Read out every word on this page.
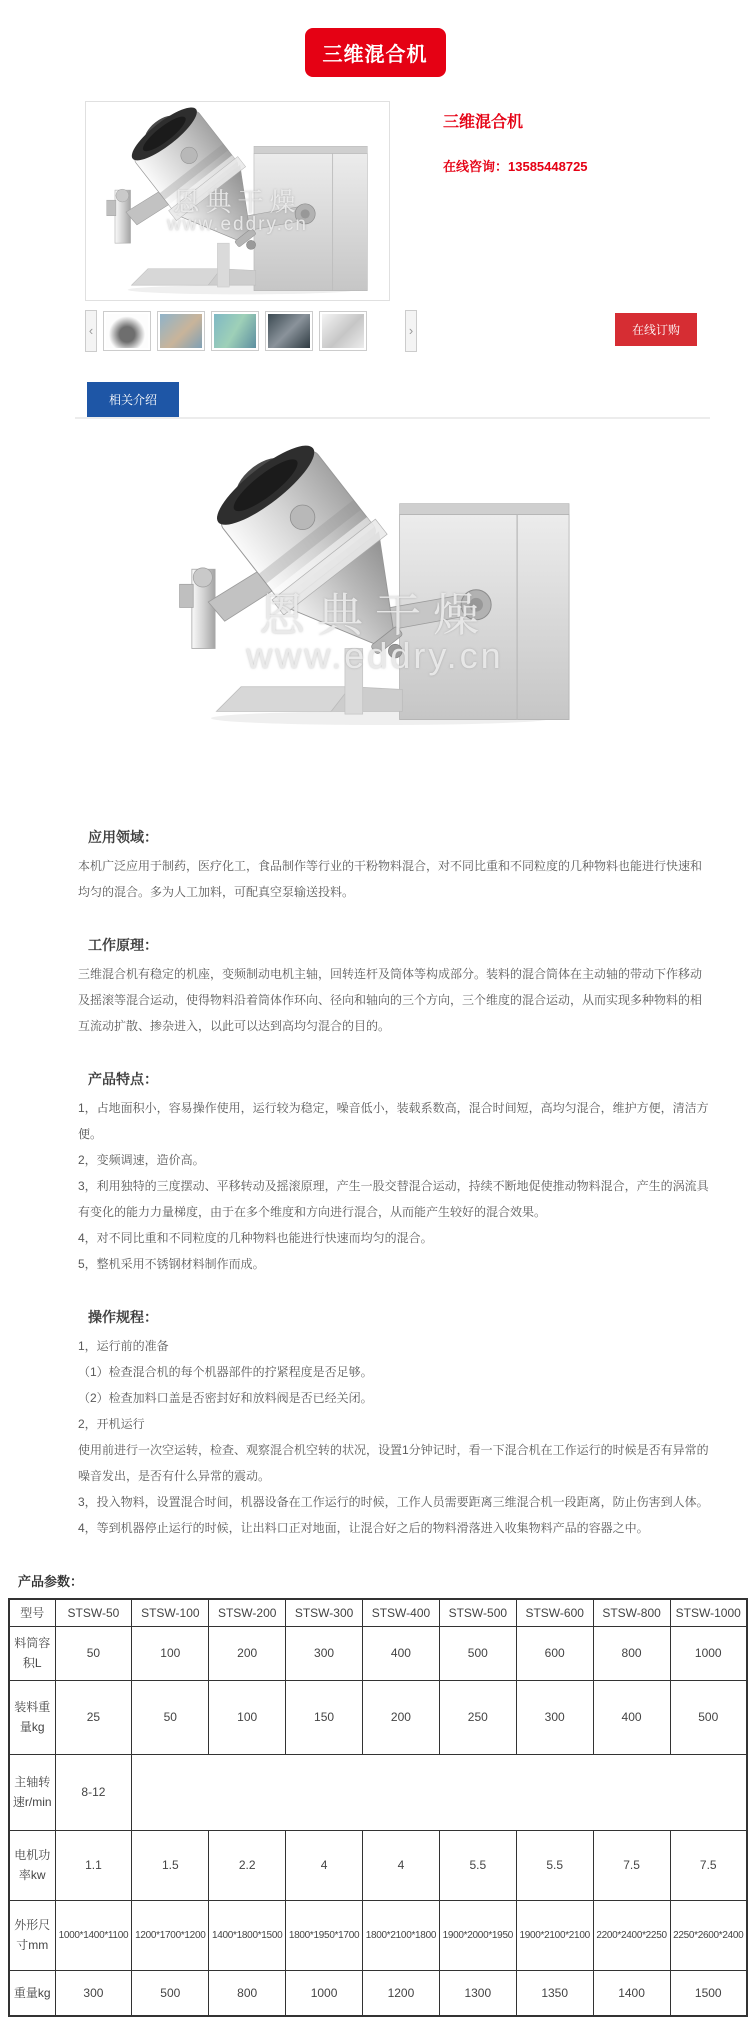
三维混合机
恩典干燥
www.eddry.cn
‹	›
三维混合机
在线咨询：13585448725
在线订购
相关介绍
恩典干燥
www.eddry.cn
应用领域：
本机广泛应用于制药，医疗化工，食品制作等行业的干粉物料混合，对不同比重和不同粒度的几种物料也能进行快速和均匀的混合。多为人工加料，可配真空泵输送投料。
工作原理：
三维混合机有稳定的机座，变频制动电机主轴，回转连杆及筒体等构成部分。装料的混合筒体在主动轴的带动下作移动及摇滚等混合运动，使得物料沿着筒体作环向、径向和轴向的三个方向，三个维度的混合运动，从而实现多种物料的相互流动扩散、掺杂进入，以此可以达到高均匀混合的目的。
产品特点：
1，占地面积小，容易操作使用，运行较为稳定，噪音低小，装载系数高，混合时间短，高均匀混合，维护方便，清洁方便。
2，变频调速，造价高。
3，利用独特的三度摆动、平移转动及摇滚原理，产生一股交替混合运动，持续不断地促使推动物料混合，产生的涡流具有变化的能力力量梯度，由于在多个维度和方向进行混合，从而能产生较好的混合效果。
4，对不同比重和不同粒度的几种物料也能进行快速而均匀的混合。
5，整机采用不锈钢材料制作而成。
操作规程：
1，运行前的准备
（1）检查混合机的每个机器部件的拧紧程度是否足够。
（2）检查加料口盖是否密封好和放料阀是否已经关闭。
2，开机运行
使用前进行一次空运转，检查、观察混合机空转的状况，设置1分钟记时，看一下混合机在工作运行的时候是否有异常的噪音发出，是否有什么异常的震动。
3，投入物料，设置混合时间，机器设备在工作运行的时候，工作人员需要距离三维混合机一段距离，防止伤害到人体。
4，等到机器停止运行的时候，让出料口正对地面，让混合好之后的物料滑落进入收集物料产品的容器之中。
产品参数：
型号	STSW-50	STSW-100	STSW-200	STSW-300	STSW-400	STSW-500	STSW-600	STSW-800	STSW-1000
料筒容积L	50	100	200	300	400	500	600	800	1000
装料重量kg	25	50	100	150	200	250	300	400	500
主轴转速r/min	8-12								
电机功率kw	1.1	1.5	2.2	4	4	5.5	5.5	7.5	7.5
外形尺寸mm	1000*1400*1100	1200*1700*1200	1400*1800*1500	1800*1950*1700	1800*2100*1800	1900*2000*1950	1900*2100*2100	2200*2400*2250	2250*2600*2400
重量kg	300	500	800	1000	1200	1300	1350	1400	1500
